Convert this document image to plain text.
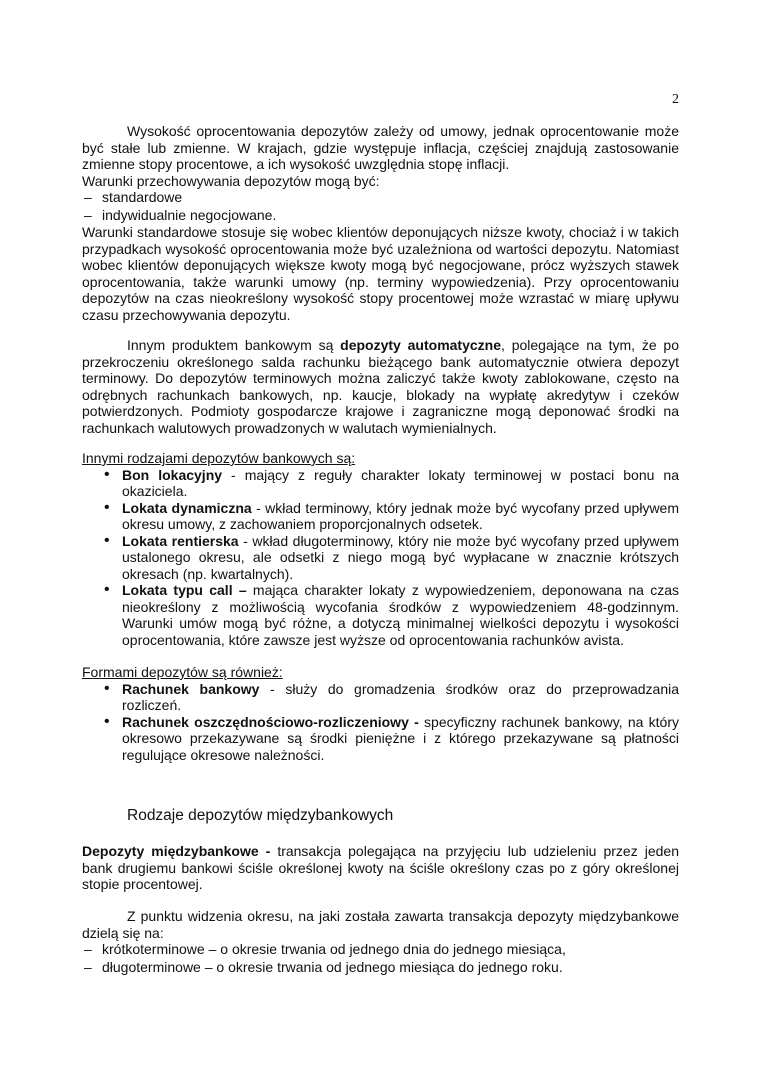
2

Wysokość oprocentowania depozytów zależy od umowy, jednak oprocentowanie może być stałe lub zmienne. W krajach, gdzie występuje inflacja, częściej znajdują zastosowanie zmienne stopy procentowe, a ich wysokość uwzględnia stopę inflacji.

Warunki przechowywania depozytów mogą być:

– standardowe
– indywidualnie negocjowane.

Warunki standardowe stosuje się wobec klientów deponujących niższe kwoty, chociaż i w takich przypadkach wysokość oprocentowania może być uzależniona od wartości depozytu. Natomiast wobec klientów deponujących większe kwoty mogą być negocjowane, prócz wyższych stawek oprocentowania, także warunki umowy (np. terminy wypowiedzenia). Przy oprocentowaniu depozytów na czas nieokreślony wysokość stopy procentowej może wzrastać w miarę upływu czasu przechowywania depozytu.

Innym produktem bankowym są depozyty automatyczne, polegające na tym, że po przekroczeniu określonego salda rachunku bieżącego bank automatycznie otwiera depozyt terminowy. Do depozytów terminowych można zaliczyć także kwoty zablokowane, często na odrębnych rachunkach bankowych, np. kaucje, blokady na wypłatę akredytyw i czeków potwierdzonych. Podmioty gospodarcze krajowe i zagraniczne mogą deponować środki na rachunkach walutowych prowadzonych w walutach wymienialnych.

Innymi rodzajami depozytów bankowych są:

• Bon lokacyjny - mający z reguły charakter lokaty terminowej w postaci bonu na okaziciela.
• Lokata dynamiczna - wkład terminowy, który jednak może być wycofany przed upływem okresu umowy, z zachowaniem proporcjonalnych odsetek.
• Lokata rentierska - wkład długoterminowy, który nie może być wycofany przed upływem ustalonego okresu, ale odsetki z niego mogą być wypłacane w znacznie krótszych okresach (np. kwartalnych).
• Lokata typu call – mająca charakter lokaty z wypowiedzeniem, deponowana na czas nieokreślony z możliwością wycofania środków z wypowiedzeniem 48-godzinnym. Warunki umów mogą być różne, a dotyczą minimalnej wielkości depozytu i wysokości oprocentowania, które zawsze jest wyższe od oprocentowania rachunków avista.

Formami depozytów są również:

• Rachunek bankowy - służy do gromadzenia środków oraz do przeprowadzania rozliczeń.
• Rachunek oszczędnościowo-rozliczeniowy - specyficzny rachunek bankowy, na który okresowo przekazywane są środki pieniężne i z którego przekazywane są płatności regulujące okresowe należności.
Rodzaje depozytów międzybankowych

Depozyty międzybankowe - transakcja polegająca na przyjęciu lub udzieleniu przez jeden bank drugiemu bankowi ściśle określonej kwoty na ściśle określony czas po z góry określonej stopie procentowej.

Z punktu widzenia okresu, na jaki została zawarta transakcja depozyty międzybankowe dzielą się na:

– krótkoterminowe – o okresie trwania od jednego dnia do jednego miesiąca,
– długoterminowe – o okresie trwania od jednego miesiąca do jednego roku.
